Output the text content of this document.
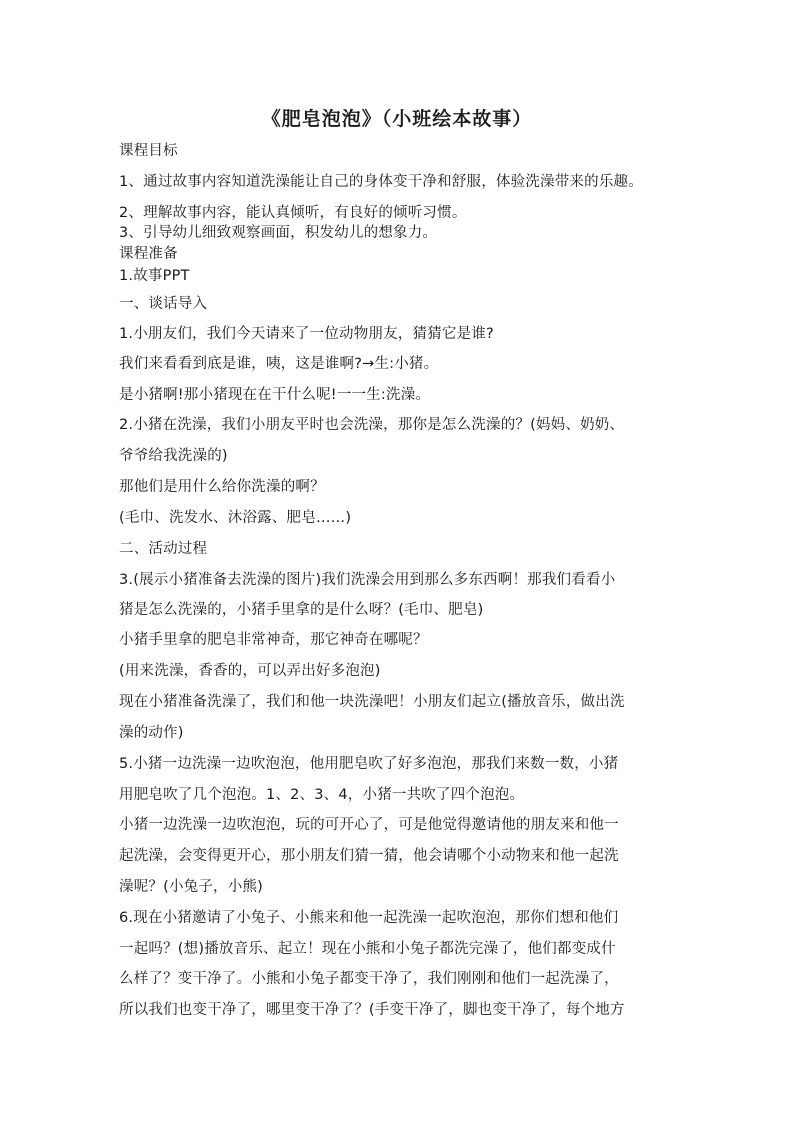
《肥皂泡泡》（小班绘本故事）
课程目标
1、通过故事内容知道洗澡能让自己的身体变干净和舒服，体验洗澡带来的乐趣。
2、理解故事内容，能认真倾听，有良好的倾听习惯。
3、引导幼儿细致观察画面，积发幼儿的想象力。
课程准备
1.故事PPT
一、谈话导入
1.小朋友们，我们今天请来了一位动物朋友，猜猜它是谁?
我们来看看到底是谁，咦，这是谁啊?→生:小猪。
是小猪啊!那小猪现在在干什么呢!一一生:洗澡。
2.小猪在洗澡，我们小朋友平时也会洗澡，那你是怎么洗澡的？(妈妈、奶奶、
爷爷给我洗澡的)
那他们是用什么给你洗澡的啊？
(毛巾、洗发水、沐浴露、肥皂……)
二、活动过程
3.(展示小猪准备去洗澡的图片)我们洗澡会用到那么多东西啊！那我们看看小
猪是怎么洗澡的，小猪手里拿的是什么呀？(毛巾、肥皂)
小猪手里拿的肥皂非常神奇，那它神奇在哪呢？
(用来洗澡，香香的，可以弄出好多泡泡)
现在小猪准备洗澡了，我们和他一块洗澡吧！小朋友们起立(播放音乐，做出洗
澡的动作)
5.小猪一边洗澡一边吹泡泡，他用肥皂吹了好多泡泡，那我们来数一数，小猪
用肥皂吹了几个泡泡。1、2、3、4，小猪一共吹了四个泡泡。
小猪一边洗澡一边吹泡泡，玩的可开心了，可是他觉得邀请他的朋友来和他一
起洗澡，会变得更开心，那小朋友们猜一猜，他会请哪个小动物来和他一起洗
澡呢？(小兔子，小熊)
6.现在小猪邀请了小兔子、小熊来和他一起洗澡一起吹泡泡，那你们想和他们
一起吗？(想)播放音乐、起立！现在小熊和小兔子都洗完澡了，他们都变成什
么样了？变干净了。小熊和小兔子都变干净了，我们刚刚和他们一起洗澡了，
所以我们也变干净了，哪里变干净了？(手变干净了，脚也变干净了，每个地方
